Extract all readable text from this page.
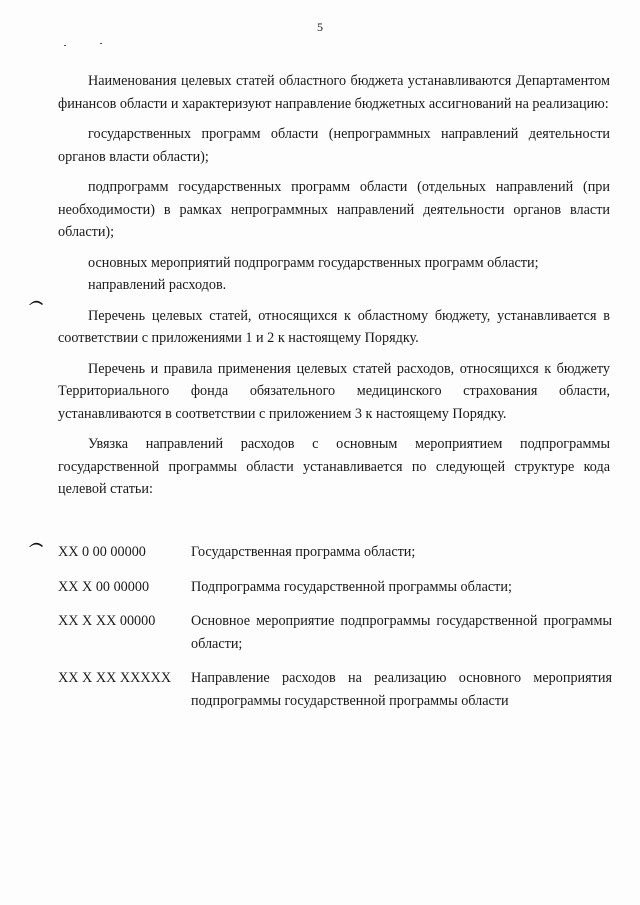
5

Наименования целевых статей областного бюджета устанавливаются Департаментом финансов области и характеризуют направление бюджетных ассигнований на реализацию:

государственных программ области (непрограммных направлений деятельности органов власти области);

подпрограмм государственных программ области (отдельных направлений (при необходимости) в рамках непрограммных направлений деятельности органов власти области);

основных мероприятий подпрограмм государственных программ области;

направлений расходов.

Перечень целевых статей, относящихся к областному бюджету, устанавливается в соответствии с приложениями 1 и 2 к настоящему Порядку.

Перечень и правила применения целевых статей расходов, относящихся к бюджету Территориального фонда обязательного медицинского страхования области, устанавливаются в соответствии с приложением 3 к настоящему Порядку.

Увязка направлений расходов с основным мероприятием подпрограммы государственной программы области устанавливается по следующей структуре кода целевой статьи:

XX 0 00 00000	Государственная программа области;
XX X 00 00000	Подпрограмма государственной программы области;
XX X XX 00000	Основное мероприятие подпрограммы государственной программы области;
XX X XX XXXXX	Направление расходов на реализацию основного мероприятия подпрограммы государственной программы области
